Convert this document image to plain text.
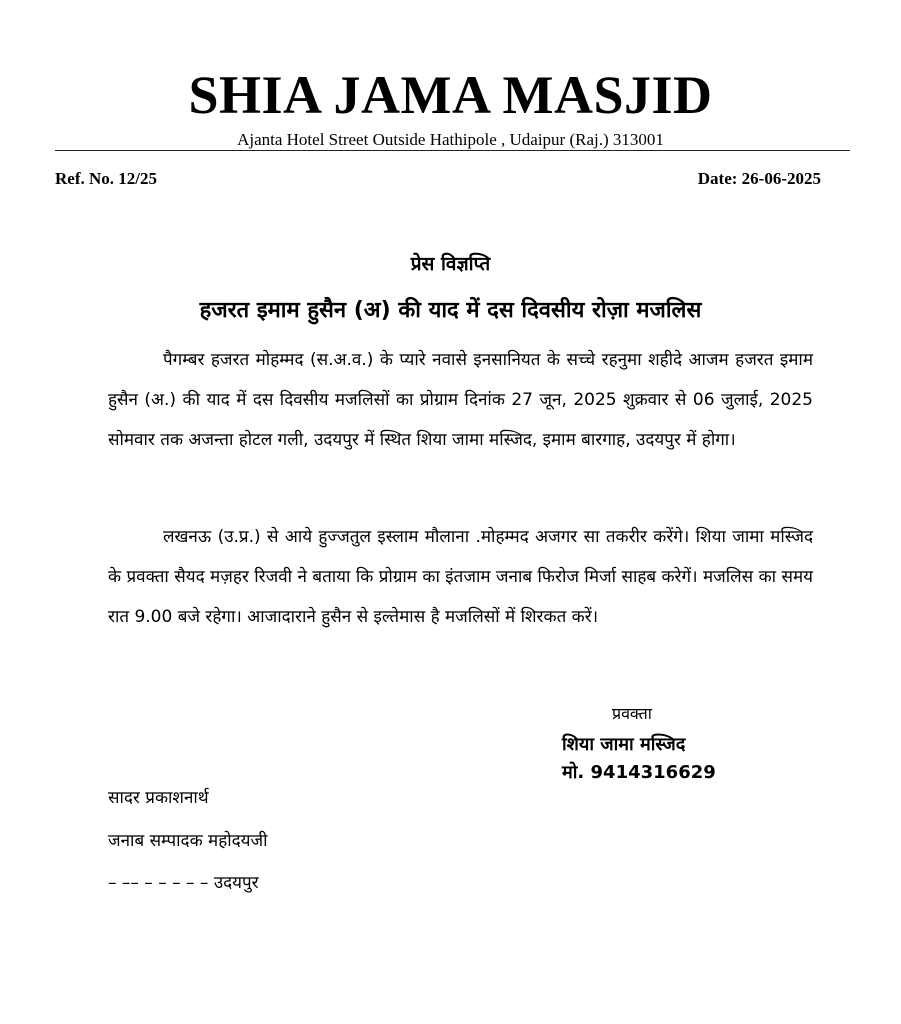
SHIA JAMA MASJID
Ajanta Hotel Street Outside Hathipole , Udaipur (Raj.) 313001
Ref. No. 12/25	Date: 26-06-2025
प्रेस विज्ञप्ति
हजरत इमाम हुसैन (अ) की याद में दस दिवसीय रोज़ा मजलिस
पैगम्बर हजरत मोहम्मद (स.अ.व.) के प्यारे नवासे इनसानियत के सच्चे रहनुमा शहीदे आजम हजरत इमाम हुसैन (अ.) की याद में दस दिवसीय मजलिसों का प्रोग्राम दिनांक 27 जून, 2025 शुक्रवार से 06 जुलाई, 2025 सोमवार तक अजन्ता होटल गली, उदयपुर में स्थित शिया जामा मस्जिद, इमाम बारगाह, उदयपुर में होगा।
लखनऊ (उ.प्र.) से आये हुज्जतुल इस्लाम मौलाना .मोहम्मद अजगर सा तकरीर करेंगे। शिया जामा मस्जिद के प्रवक्ता सैयद मज़हर रिजवी ने बताया कि प्रोग्राम का इंतजाम जनाब फिरोज मिर्जा साहब करेगें। मजलिस का समय रात 9.00 बजे रहेगा। आजादाराने हुसैन से इल्तेमास है मजलिसों में शिरकत करें।
प्रवक्ता
शिया जामा मस्जिद
मो. 9414316629
सादर प्रकाशनार्थ
जनाब सम्पादक महोदयजी
– –– – – – – – उदयपुर
